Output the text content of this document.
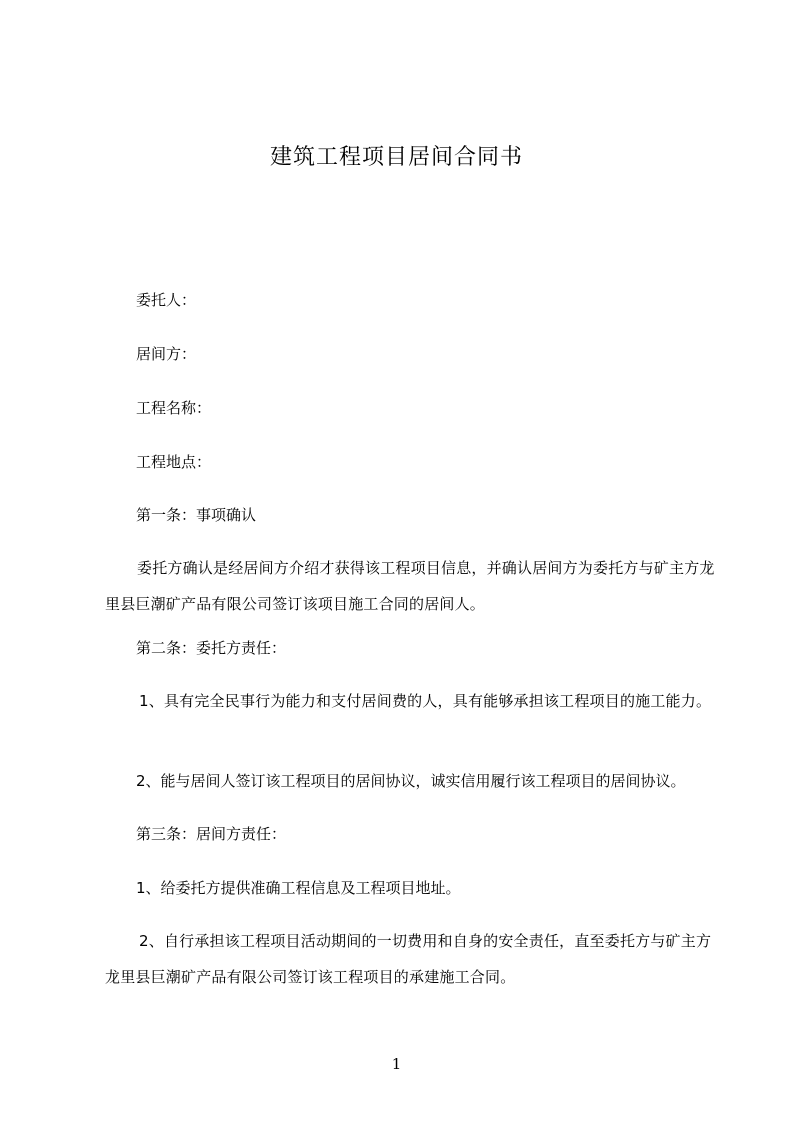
建筑工程项目居间合同书

委托人：

居间方：

工程名称：

工程地点：

第一条：事项确认

委托方确认是经居间方介绍才获得该工程项目信息，并确认居间方为委托方与矿主方龙里县巨潮矿产品有限公司签订该项目施工合同的居间人。

第二条：委托方责任：

1、具有完全民事行为能力和支付居间费的人，具有能够承担该工程项目的施工能力。

2、能与居间人签订该工程项目的居间协议，诚实信用履行该工程项目的居间协议。

第三条：居间方责任：

1、给委托方提供准确工程信息及工程项目地址。

2、自行承担该工程项目活动期间的一切费用和自身的安全责任，直至委托方与矿主方龙里县巨潮矿产品有限公司签订该工程项目的承建施工合同。

1
